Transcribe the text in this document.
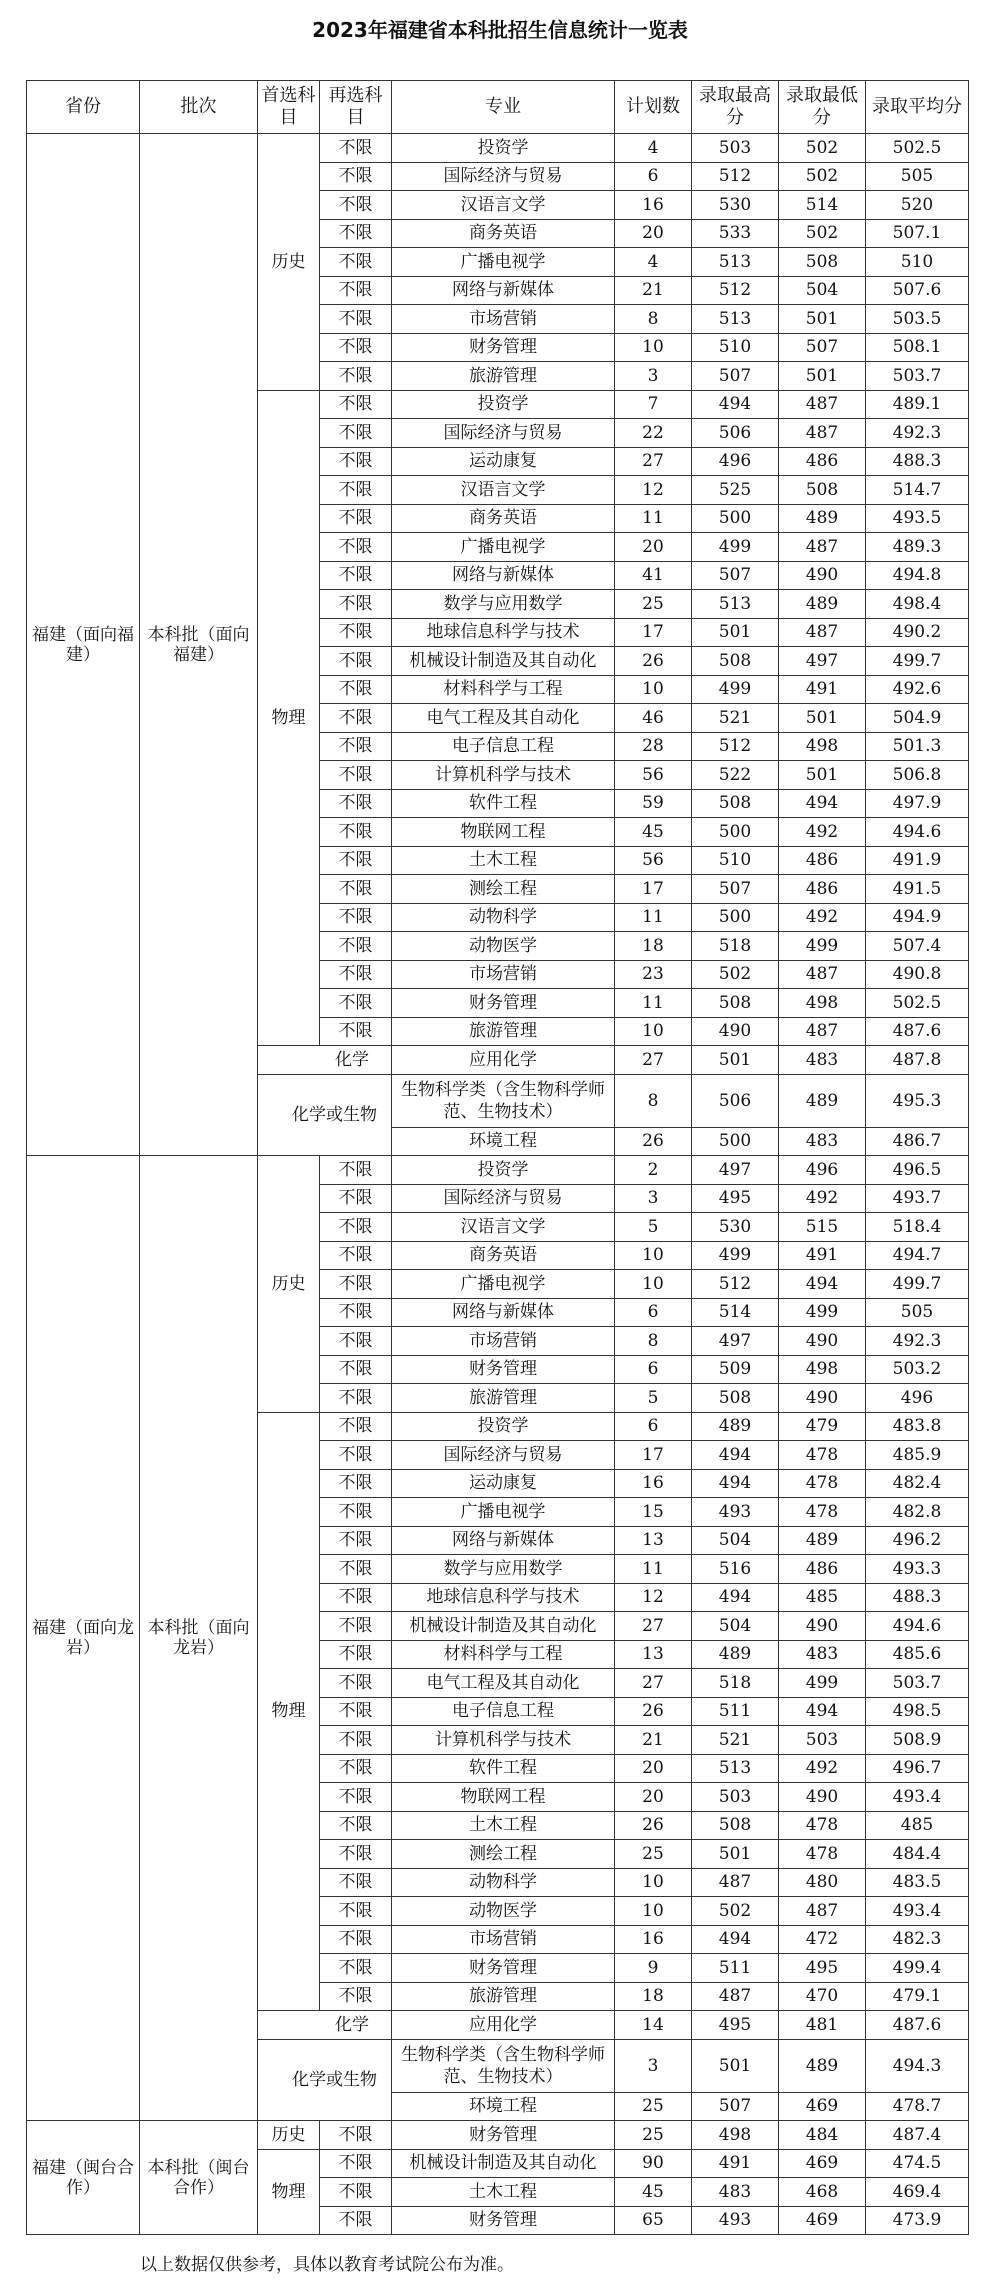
2023年福建省本科批招生信息统计一览表
省份	批次	首选科目	再选科目	专业	计划数	录取最高分	录取最低分	录取平均分
福建（面向福建）	本科批（面向福建）	历史	不限	投资学	4	503	502	502.5
			不限	国际经济与贸易	6	512	502	505
			不限	汉语言文学	16	530	514	520
			不限	商务英语	20	533	502	507.1
			不限	广播电视学	4	513	508	510
			不限	网络与新媒体	21	512	504	507.6
			不限	市场营销	8	513	501	503.5
			不限	财务管理	10	510	507	508.1
			不限	旅游管理	3	507	501	503.7
		物理	不限	投资学	7	494	487	489.1
			不限	国际经济与贸易	22	506	487	492.3
			不限	运动康复	27	496	486	488.3
			不限	汉语言文学	12	525	508	514.7
			不限	商务英语	11	500	489	493.5
			不限	广播电视学	20	499	487	489.3
			不限	网络与新媒体	41	507	490	494.8
			不限	数学与应用数学	25	513	489	498.4
			不限	地球信息科学与技术	17	501	487	490.2
			不限	机械设计制造及其自动化	26	508	497	499.7
			不限	材料科学与工程	10	499	491	492.6
			不限	电气工程及其自动化	46	521	501	504.9
			不限	电子信息工程	28	512	498	501.3
			不限	计算机科学与技术	56	522	501	506.8
			不限	软件工程	59	508	494	497.9
			不限	物联网工程	45	500	492	494.6
			不限	土木工程	56	510	486	491.9
			不限	测绘工程	17	507	486	491.5
			不限	动物科学	11	500	492	494.9
			不限	动物医学	18	518	499	507.4
			不限	市场营销	23	502	487	490.8
			不限	财务管理	11	508	498	502.5
			不限	旅游管理	10	490	487	487.6
		化学		应用化学	27	501	483	487.8
		化学或生物		生物科学类（含生物科学师范、生物技术）	8	506	489	495.3
				环境工程	26	500	483	486.7
福建（面向龙岩）	本科批（面向龙岩）	历史	不限	投资学	2	497	496	496.5
			不限	国际经济与贸易	3	495	492	493.7
			不限	汉语言文学	5	530	515	518.4
			不限	商务英语	10	499	491	494.7
			不限	广播电视学	10	512	494	499.7
			不限	网络与新媒体	6	514	499	505
			不限	市场营销	8	497	490	492.3
			不限	财务管理	6	509	498	503.2
			不限	旅游管理	5	508	490	496
		物理	不限	投资学	6	489	479	483.8
			不限	国际经济与贸易	17	494	478	485.9
			不限	运动康复	16	494	478	482.4
			不限	广播电视学	15	493	478	482.8
			不限	网络与新媒体	13	504	489	496.2
			不限	数学与应用数学	11	516	486	493.3
			不限	地球信息科学与技术	12	494	485	488.3
			不限	机械设计制造及其自动化	27	504	490	494.6
			不限	材料科学与工程	13	489	483	485.6
			不限	电气工程及其自动化	27	518	499	503.7
			不限	电子信息工程	26	511	494	498.5
			不限	计算机科学与技术	21	521	503	508.9
			不限	软件工程	20	513	492	496.7
			不限	物联网工程	20	503	490	493.4
			不限	土木工程	26	508	478	485
			不限	测绘工程	25	501	478	484.4
			不限	动物科学	10	487	480	483.5
			不限	动物医学	10	502	487	493.4
			不限	市场营销	16	494	472	482.3
			不限	财务管理	9	511	495	499.4
			不限	旅游管理	18	487	470	479.1
		化学		应用化学	14	495	481	487.6
		化学或生物		生物科学类（含生物科学师范、生物技术）	3	501	489	494.3
				环境工程	25	507	469	478.7
福建（闽台合作）	本科批（闽台合作）	历史	不限	财务管理	25	498	484	487.4
		物理	不限	机械设计制造及其自动化	90	491	469	474.5
			不限	土木工程	45	483	468	469.4
			不限	财务管理	65	493	469	473.9
以上数据仅供参考，具体以教育考试院公布为准。
